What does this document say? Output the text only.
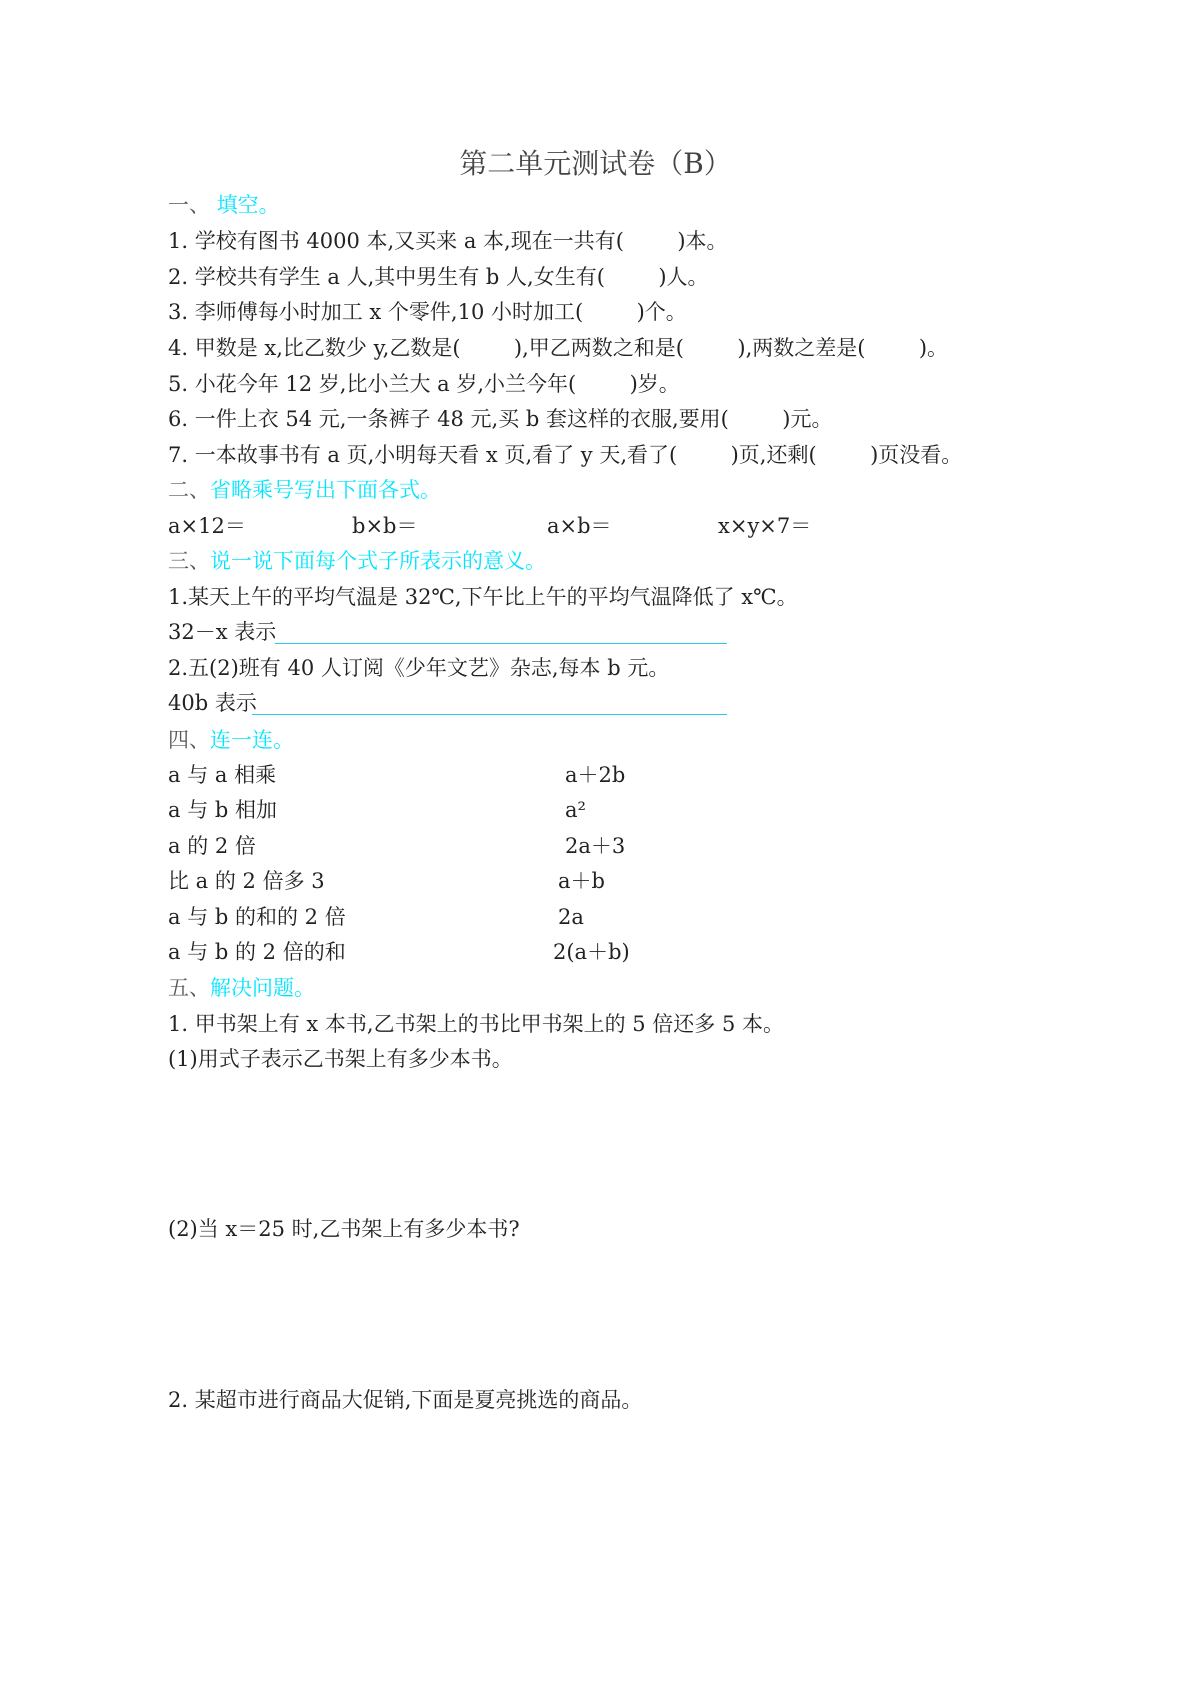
第二单元测试卷（B）
一、 填空。
1. 学校有图书 4000 本,又买来 a 本,现在一共有(        )本。
2. 学校共有学生 a 人,其中男生有 b 人,女生有(        )人。
3. 李师傅每小时加工 x 个零件,10 小时加工(        )个。
4. 甲数是 x,比乙数少 y,乙数是(        ),甲乙两数之和是(        ),两数之差是(        )。
5. 小花今年 12 岁,比小兰大 a 岁,小兰今年(        )岁。
6. 一件上衣 54 元,一条裤子 48 元,买 b 套这样的衣服,要用(        )元。
7. 一本故事书有 a 页,小明每天看 x 页,看了 y 天,看了(        )页,还剩(        )页没看。
二、省略乘号写出下面各式。
a×12＝	b×b＝	a×b＝	x×y×7＝
三、说一说下面每个式子所表示的意义。
1.某天上午的平均气温是 32℃,下午比上午的平均气温降低了 x℃。
32－x 表示
2.五(2)班有 40 人订阅《少年文艺》杂志,每本 b 元。
40b 表示
四、连一连。
a 与 a 相乘
a 与 b 相加
a 的 2 倍
比 a 的 2 倍多 3
a 与 b 的和的 2 倍
a 与 b 的 2 倍的和
a＋2b
a²
2a＋3
a＋b
2a
2(a＋b)
五、解决问题。
1. 甲书架上有 x 本书,乙书架上的书比甲书架上的 5 倍还多 5 本。
(1)用式子表示乙书架上有多少本书。
(2)当 x＝25 时,乙书架上有多少本书?
2. 某超市进行商品大促销,下面是夏亮挑选的商品。
